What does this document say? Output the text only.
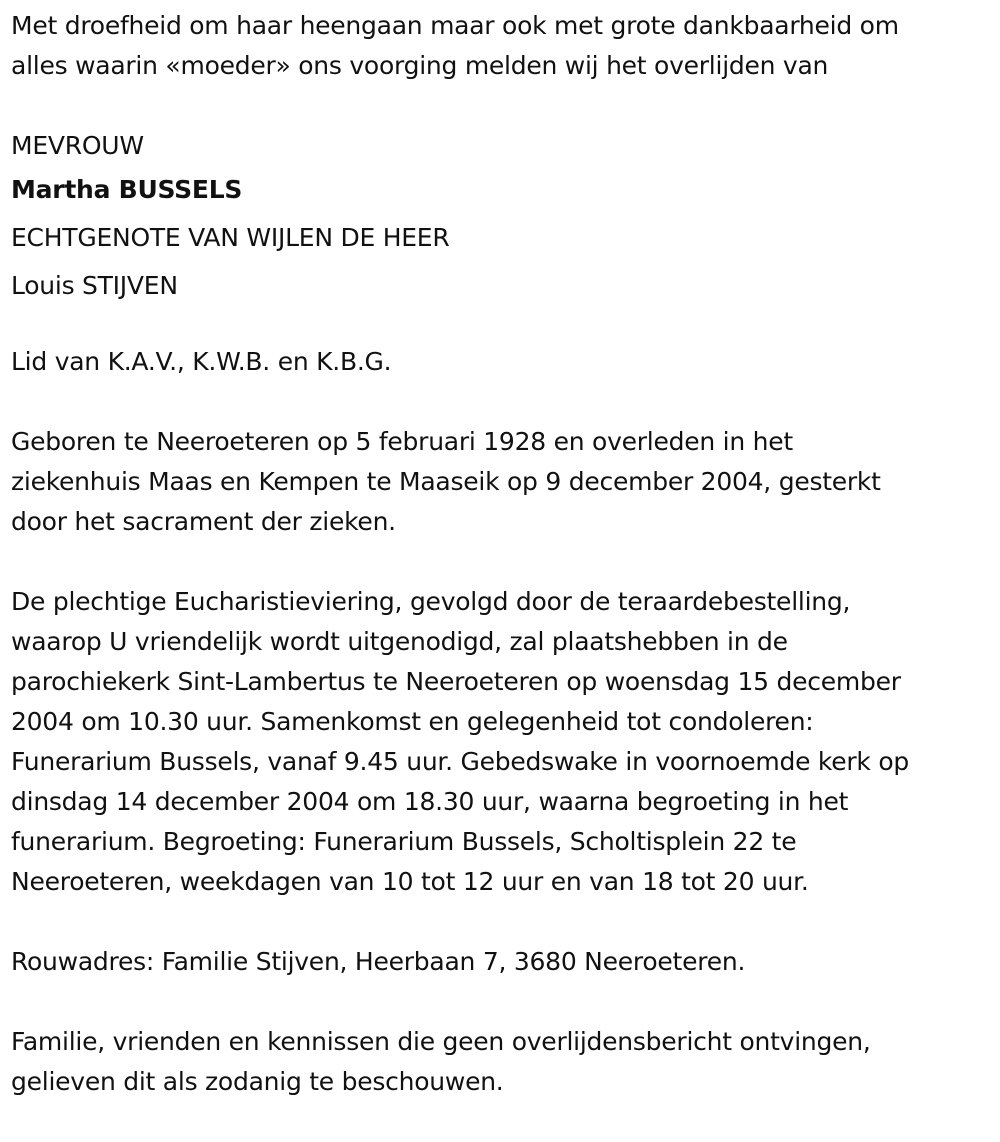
Met droefheid om haar heengaan maar ook met grote dankbaarheid om
alles waarin «moeder» ons voorging melden wij het overlijden van

MEVROUW
Martha BUSSELS
ECHTGENOTE VAN WIJLEN DE HEER
Louis STIJVEN

Lid van K.A.V., K.W.B. en K.B.G.

Geboren te Neeroeteren op 5 februari 1928 en overleden in het
ziekenhuis Maas en Kempen te Maaseik op 9 december 2004, gesterkt
door het sacrament der zieken.

De plechtige Eucharistieviering, gevolgd door de teraardebestelling,
waarop U vriendelijk wordt uitgenodigd, zal plaatshebben in de
parochiekerk Sint-Lambertus te Neeroeteren op woensdag 15 december
2004 om 10.30 uur. Samenkomst en gelegenheid tot condoleren:
Funerarium Bussels, vanaf 9.45 uur. Gebedswake in voornoemde kerk op
dinsdag 14 december 2004 om 18.30 uur, waarna begroeting in het
funerarium. Begroeting: Funerarium Bussels, Scholtisplein 22 te
Neeroeteren, weekdagen van 10 tot 12 uur en van 18 tot 20 uur.

Rouwadres: Familie Stijven, Heerbaan 7, 3680 Neeroeteren.

Familie, vrienden en kennissen die geen overlijdensbericht ontvingen,
gelieven dit als zodanig te beschouwen.
